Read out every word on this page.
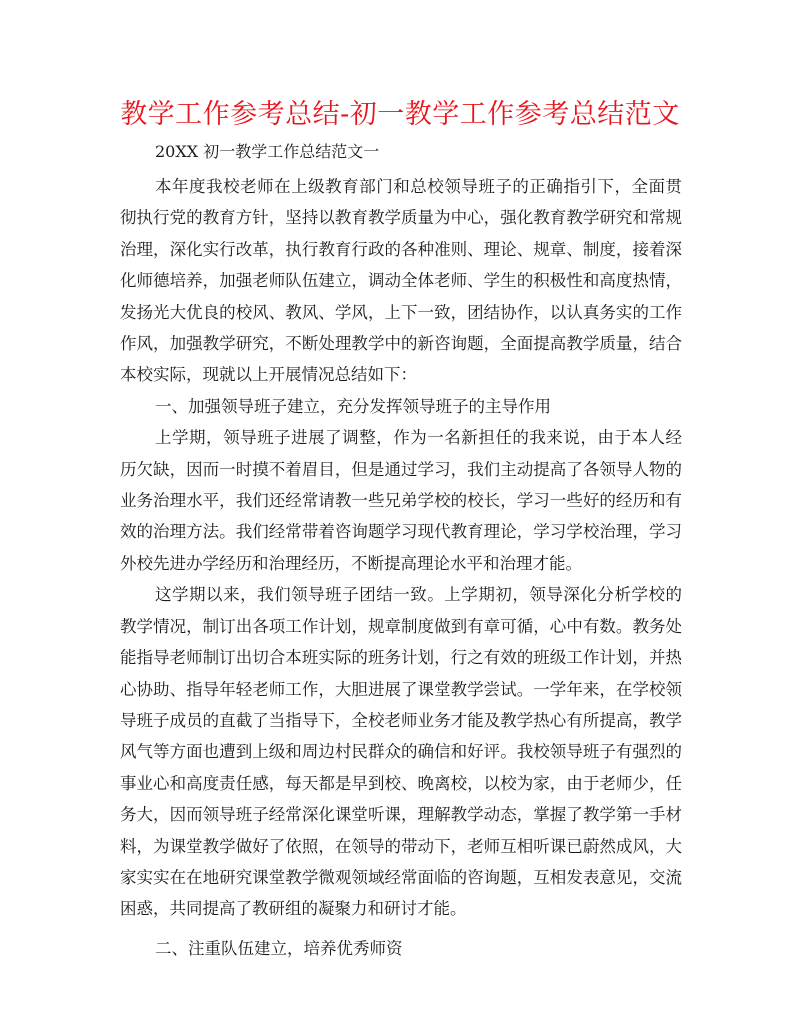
教学工作参考总结-初一教学工作参考总结范文
20XX 初一教学工作总结范文一

本年度我校老师在上级教育部门和总校领导班子的正确指引下，全面贯彻执行党的教育方针，坚持以教育教学质量为中心，强化教育教学研究和常规治理，深化实行改革，执行教育行政的各种准则、理论、规章、制度，接着深化师德培养，加强老师队伍建立，调动全体老师、学生的积极性和高度热情，发扬光大优良的校风、教风、学风，上下一致，团结协作，以认真务实的工作作风，加强教学研究，不断处理教学中的新咨询题，全面提高教学质量，结合本校实际，现就以上开展情况总结如下：

一、加强领导班子建立，充分发挥领导班子的主导作用

上学期，领导班子进展了调整，作为一名新担任的我来说，由于本人经历欠缺，因而一时摸不着眉目，但是通过学习，我们主动提高了各领导人物的业务治理水平，我们还经常请教一些兄弟学校的校长，学习一些好的经历和有效的治理方法。我们经常带着咨询题学习现代教育理论，学习学校治理，学习外校先进办学经历和治理经历，不断提高理论水平和治理才能。

这学期以来，我们领导班子团结一致。上学期初，领导深化分析学校的教学情况，制订出各项工作计划，规章制度做到有章可循，心中有数。教务处能指导老师制订出切合本班实际的班务计划，行之有效的班级工作计划，并热心协助、指导年轻老师工作，大胆进展了课堂教学尝试。一学年来，在学校领导班子成员的直截了当指导下，全校老师业务才能及教学热心有所提高，教学风气等方面也遭到上级和周边村民群众的确信和好评。我校领导班子有强烈的事业心和高度责任感，每天都是早到校、晚离校，以校为家，由于老师少，任务大，因而领导班子经常深化课堂听课，理解教学动态，掌握了教学第一手材料，为课堂教学做好了依照，在领导的带动下，老师互相听课已蔚然成风，大家实实在在地研究课堂教学微观领域经常面临的咨询题，互相发表意见，交流困惑，共同提高了教研组的凝聚力和研讨才能。

二、注重队伍建立，培养优秀师资
